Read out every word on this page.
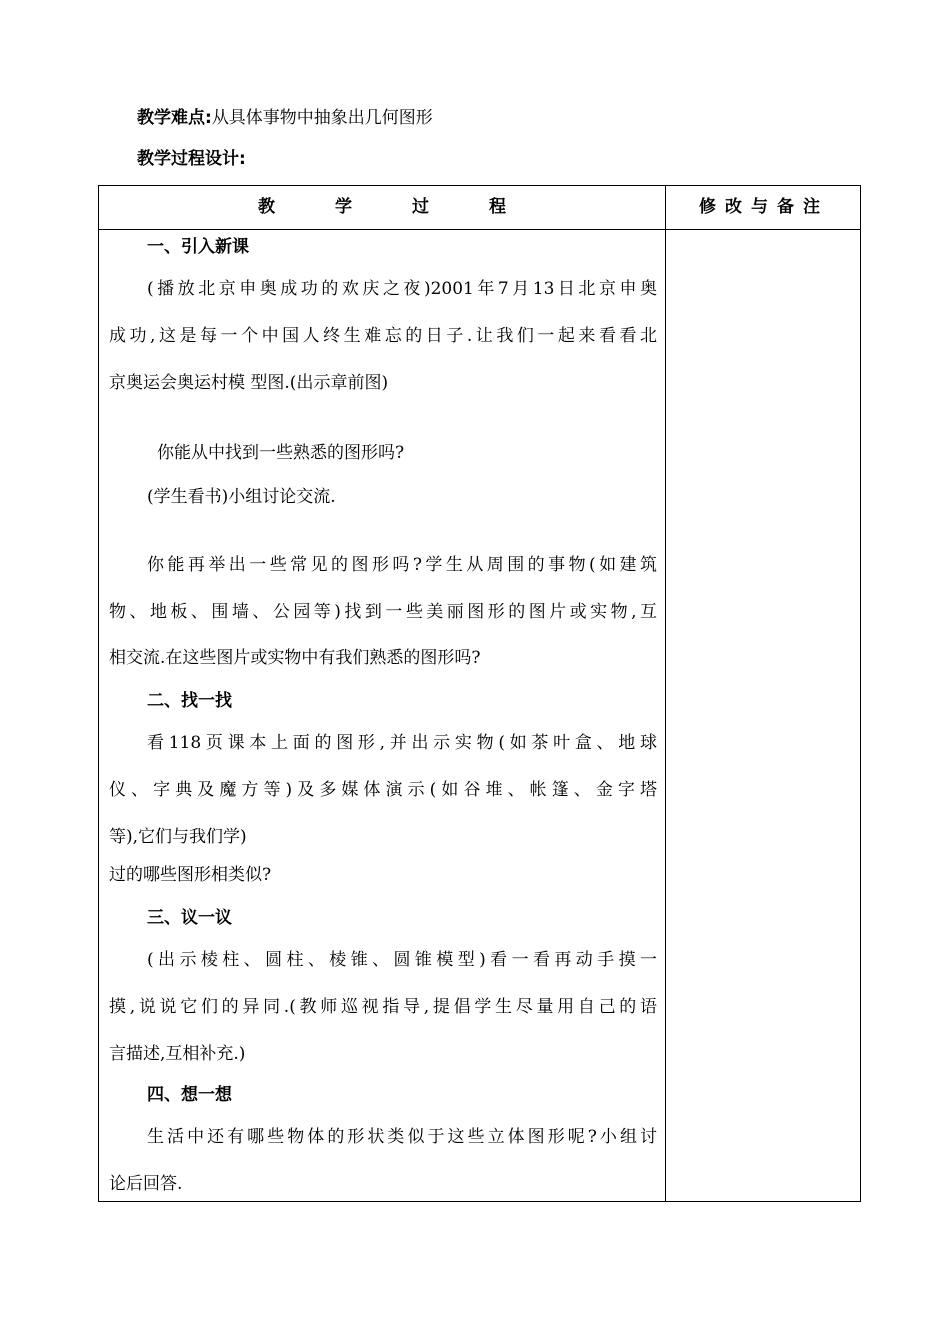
教学难点:从具体事物中抽象出几何图形
教学过程设计:
教	学	过	程	修改与备注

一、引入新课

(播放北京申奥成功的欢庆之夜)2001年7月13日北京申奥

成功,这是每一个中国人终生难忘的日子.让我们一起来看看北

京奥运会奥运村模 型图.(出示章前图)

你能从中找到一些熟悉的图形吗?

(学生看书)小组讨论交流.

你能再举出一些常见的图形吗?学生从周围的事物(如建筑

物、地板、围墙、公园等)找到一些美丽图形的图片或实物,互

相交流.在这些图片或实物中有我们熟悉的图形吗?

二、找一找

看118页课本上面的图形,并出示实物(如茶叶盒、地球

仪、字典及魔方等)及多媒体演示(如谷堆、帐篷、金字塔

等),它们与我们学)

过的哪些图形相类似?

三、议一议

(出示棱柱、圆柱、棱锥、圆锥模型)看一看再动手摸一

摸,说说它们的异同.(教师巡视指导,提倡学生尽量用自己的语

言描述,互相补充.)

四、想一想

生活中还有哪些物体的形状类似于这些立体图形呢?小组讨

论后回答.
